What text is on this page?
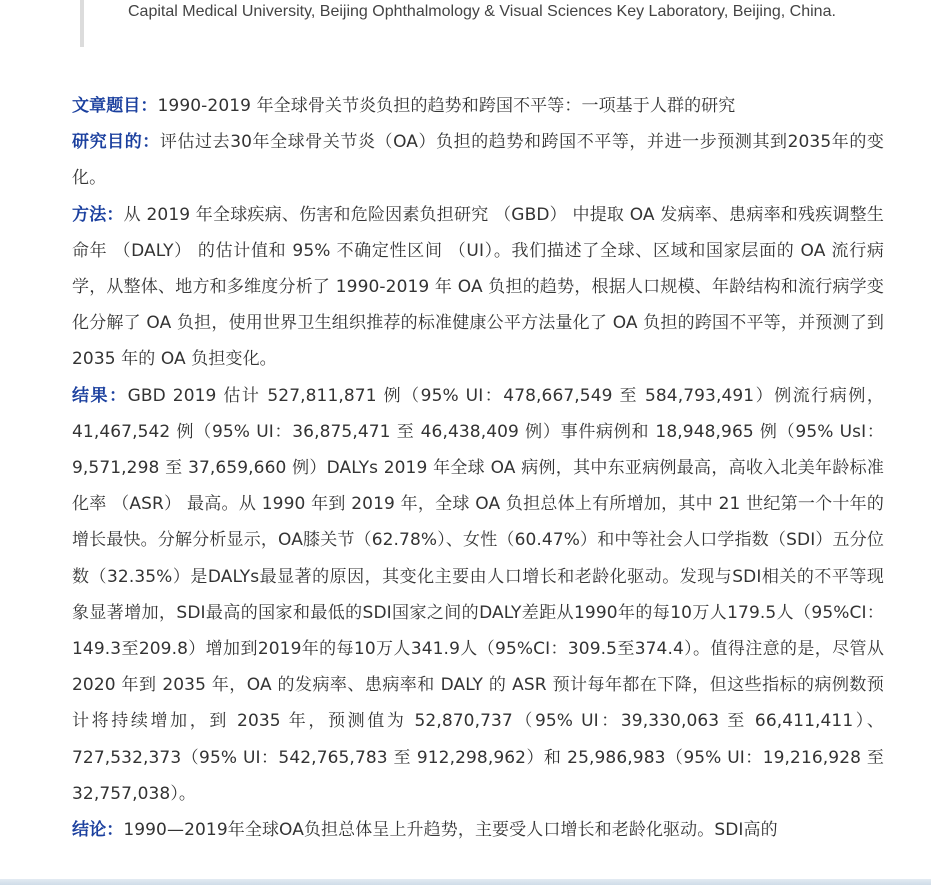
Capital Medical University, Beijing Ophthalmology & Visual Sciences Key Laboratory, Beijing, China.

文章题目：1990-2019 年全球骨关节炎负担的趋势和跨国不平等：一项基于人群的研究

研究目的：评估过去30年全球骨关节炎（OA）负担的趋势和跨国不平等，并进一步预测其到2035年的变化。

方法：从 2019 年全球疾病、伤害和危险因素负担研究 （GBD） 中提取 OA 发病率、患病率和残疾调整生命年 （DALY） 的估计值和 95% 不确定性区间 （UI）。我们描述了全球、区域和国家层面的 OA 流行病学，从整体、地方和多维度分析了 1990-2019 年 OA 负担的趋势，根据人口规模、年龄结构和流行病学变化分解了 OA 负担，使用世界卫生组织推荐的标准健康公平方法量化了 OA 负担的跨国不平等，并预测了到 2035 年的 OA 负担变化。

结果：GBD 2019 估计 527,811,871 例（95% UI：478,667,549 至 584,793,491）例流行病例，41,467,542 例（95% UI：36,875,471 至 46,438,409 例）事件病例和 18,948,965 例（95% UsI：9,571,298 至 37,659,660 例）DALYs 2019 年全球 OA 病例，其中东亚病例最高，高收入北美年龄标准化率 （ASR） 最高。从 1990 年到 2019 年，全球 OA 负担总体上有所增加，其中 21 世纪第一个十年的增长最快。分解分析显示，OA膝关节（62.78%）、女性（60.47%）和中等社会人口学指数（SDI）五分位数（32.35%）是DALYs最显著的原因，其变化主要由人口增长和老龄化驱动。发现与SDI相关的不平等现象显著增加，SDI最高的国家和最低的SDI国家之间的DALY差距从1990年的每10万人179.5人（95%CI：149.3至209.8）增加到2019年的每10万人341.9人（95%CI：309.5至374.4）。值得注意的是，尽管从 2020 年到 2035 年，OA 的发病率、患病率和 DALY 的 ASR 预计每年都在下降，但这些指标的病例数预计将持续增加，到 2035 年，预测值为 52,870,737（95% UI：39,330,063 至 66,411,411）、727,532,373（95% UI：542,765,783 至 912,298,962）和 25,986,983（95% UI：19,216,928 至 32,757,038）。

结论：1990—2019年全球OA负担总体呈上升趋势，主要受人口增长和老龄化驱动。SDI高的
